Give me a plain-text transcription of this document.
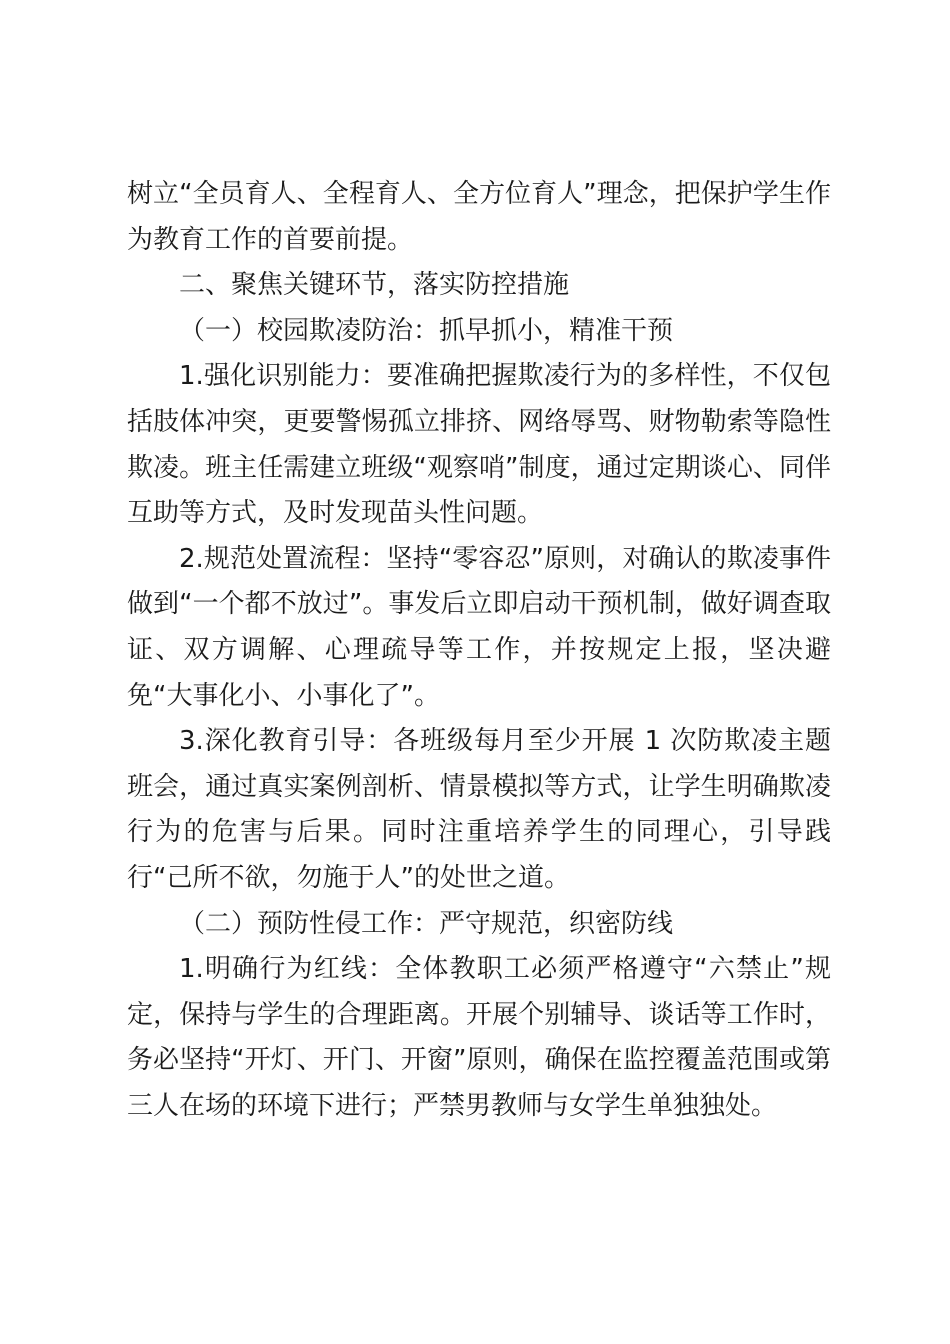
树立“全员育人、全程育人、全方位育人”理念，把保护学生作为教育工作的首要前提。

二、聚焦关键环节，落实防控措施

（一）校园欺凌防治：抓早抓小，精准干预

1.强化识别能力：要准确把握欺凌行为的多样性，不仅包括肢体冲突，更要警惕孤立排挤、网络辱骂、财物勒索等隐性欺凌。班主任需建立班级“观察哨”制度，通过定期谈心、同伴互助等方式，及时发现苗头性问题。

2.规范处置流程：坚持“零容忍”原则，对确认的欺凌事件做到“一个都不放过”。事发后立即启动干预机制，做好调查取证、双方调解、心理疏导等工作，并按规定上报，坚决避免“大事化小、小事化了”。

3.深化教育引导：各班级每月至少开展 1 次防欺凌主题班会，通过真实案例剖析、情景模拟等方式，让学生明确欺凌行为的危害与后果。同时注重培养学生的同理心，引导践行“己所不欲，勿施于人”的处世之道。

（二）预防性侵工作：严守规范，织密防线

1.明确行为红线：全体教职工必须严格遵守“六禁止”规定，保持与学生的合理距离。开展个别辅导、谈话等工作时，务必坚持“开灯、开门、开窗”原则，确保在监控覆盖范围或第三人在场的环境下进行；严禁男教师与女学生单独独处。
